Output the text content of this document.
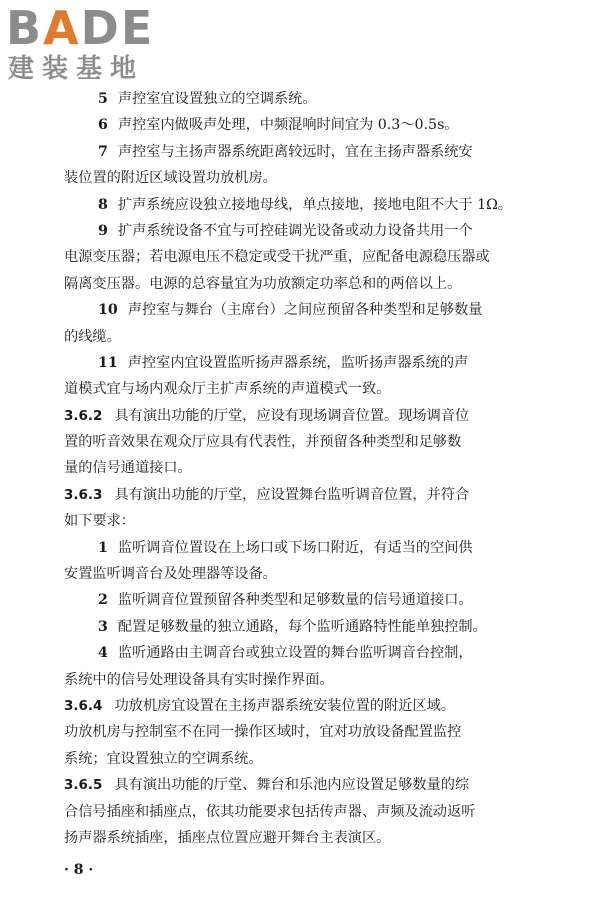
BADE
建装基地
5 声控室宜设置独立的空调系统。
6 声控室内做吸声处理，中频混响时间宜为 0.3～0.5s。
7 声控室与主扬声器系统距离较远时，宜在主扬声器系统安
装位置的附近区域设置功放机房。
8 扩声系统应设独立接地母线，单点接地，接地电阻不大于 1Ω。
9 扩声系统设备不宜与可控硅调光设备或动力设备共用一个
电源变压器；若电源电压不稳定或受干扰严重，应配备电源稳压器或
隔离变压器。电源的总容量宜为功放额定功率总和的两倍以上。
10 声控室与舞台（主席台）之间应预留各种类型和足够数量
的线缆。
11 声控室内宜设置监听扬声器系统，监听扬声器系统的声
道模式宜与场内观众厅主扩声系统的声道模式一致。
3.6.2 具有演出功能的厅堂，应设有现场调音位置。现场调音位
置的听音效果在观众厅应具有代表性，并预留各种类型和足够数
量的信号通道接口。
3.6.3 具有演出功能的厅堂，应设置舞台监听调音位置，并符合
如下要求：
1 监听调音位置设在上场口或下场口附近，有适当的空间供
安置监听调音台及处理器等设备。
2 监听调音位置预留各种类型和足够数量的信号通道接口。
3 配置足够数量的独立通路，每个监听通路特性能单独控制。
4 监听通路由主调音台或独立设置的舞台监听调音台控制，
系统中的信号处理设备具有实时操作界面。
3.6.4 功放机房宜设置在主扬声器系统安装位置的附近区域。
功放机房与控制室不在同一操作区域时，宜对功放设备配置监控
系统；宜设置独立的空调系统。
3.6.5 具有演出功能的厅堂、舞台和乐池内应设置足够数量的综
合信号插座和插座点，依其功能要求包括传声器、声频及流动返听
扬声器系统插座，插座点位置应避开舞台主表演区。
· 8 ·
